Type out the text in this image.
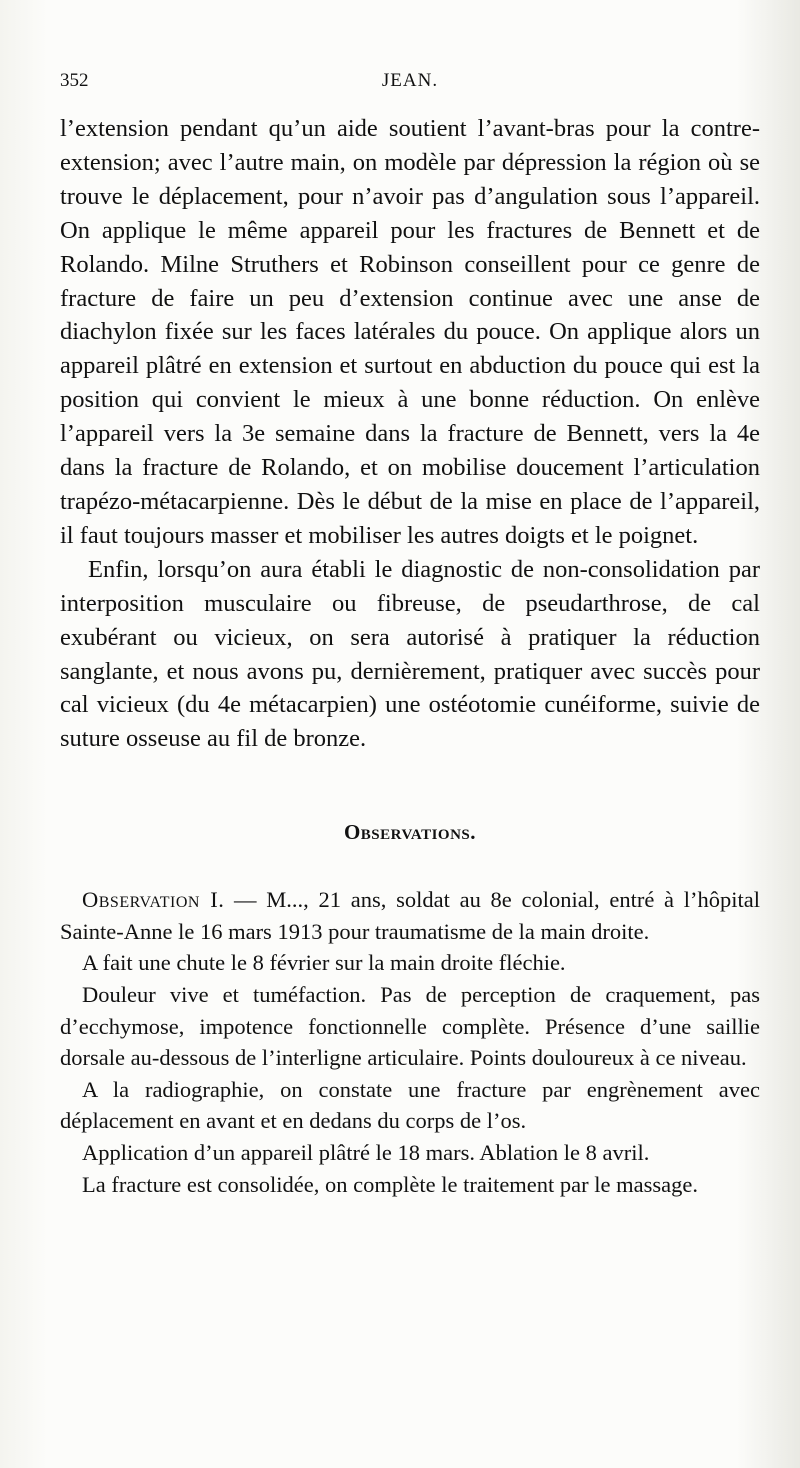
352	JEAN.

l’extension pendant qu’un aide soutient l’avant-bras pour la contre-extension; avec l’autre main, on modèle par dépression la région où se trouve le déplacement, pour n’avoir pas d’angulation sous l’appareil. On applique le même appareil pour les fractures de Bennett et de Rolando. Milne Struthers et Robinson conseillent pour ce genre de fracture de faire un peu d’extension continue avec une anse de diachylon fixée sur les faces latérales du pouce. On applique alors un appareil plâtré en extension et surtout en abduction du pouce qui est la position qui convient le mieux à une bonne réduction. On enlève l’appareil vers la 3e semaine dans la fracture de Bennett, vers la 4e dans la fracture de Rolando, et on mobilise doucement l’articulation trapézo-métacarpienne. Dès le début de la mise en place de l’appareil, il faut toujours masser et mobiliser les autres doigts et le poignet.

Enfin, lorsqu’on aura établi le diagnostic de non-consolidation par interposition musculaire ou fibreuse, de pseudarthrose, de cal exubérant ou vicieux, on sera autorisé à pratiquer la réduction sanglante, et nous avons pu, dernièrement, pratiquer avec succès pour cal vicieux (du 4e métacarpien) une ostéotomie cunéiforme, suivie de suture osseuse au fil de bronze.

Observations.

Observation I. — M..., 21 ans, soldat au 8e colonial, entré à l’hôpital Sainte-Anne le 16 mars 1913 pour traumatisme de la main droite.

A fait une chute le 8 février sur la main droite fléchie.

Douleur vive et tuméfaction. Pas de perception de craquement, pas d’ecchymose, impotence fonctionnelle complète. Présence d’une saillie dorsale au-dessous de l’interligne articulaire. Points douloureux à ce niveau.

A la radiographie, on constate une fracture par engrènement avec déplacement en avant et en dedans du corps de l’os.

Application d’un appareil plâtré le 18 mars. Ablation le 8 avril.

La fracture est consolidée, on complète le traitement par le massage.
